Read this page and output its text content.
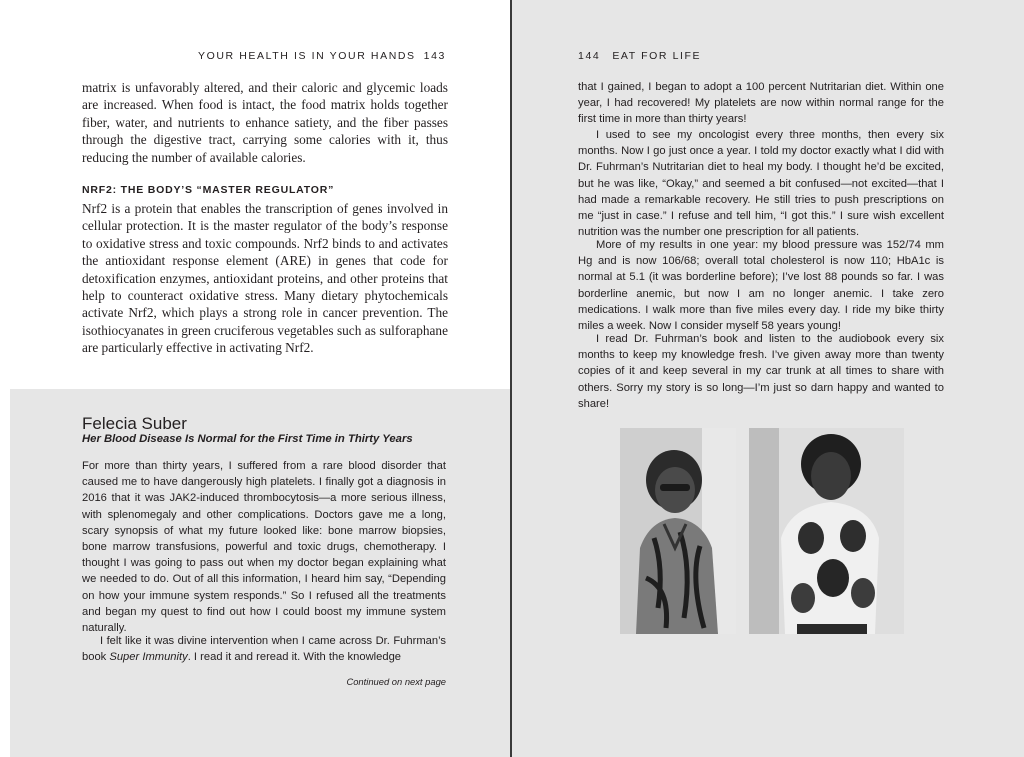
YOUR HEALTH IS IN YOUR HANDS 143

matrix is unfavorably altered, and their caloric and glycemic loads are increased. When food is intact, the food matrix holds together fiber, water, and nutrients to enhance satiety, and the fiber passes through the digestive tract, carrying some calories with it, thus reducing the number of available calories.

NRF2: THE BODY’S “MASTER REGULATOR”

Nrf2 is a protein that enables the transcription of genes involved in cellular protection. It is the master regulator of the body’s response to oxidative stress and toxic compounds. Nrf2 binds to and activates the antioxidant response element (ARE) in genes that code for detoxification enzymes, antioxidant proteins, and other proteins that help to counteract oxidative stress. Many dietary phytochemicals activate Nrf2, which plays a strong role in cancer prevention. The isothiocyanates in green cruciferous vegetables such as sulforaphane are particularly effective in activating Nrf2.

Felecia Suber

Her Blood Disease Is Normal for the First Time in Thirty Years

For more than thirty years, I suffered from a rare blood disorder that caused me to have dangerously high platelets. I finally got a diagnosis in 2016 that it was JAK2-induced thrombocytosis—a more serious illness, with splenomegaly and other complications. Doctors gave me a long, scary synopsis of what my future looked like: bone marrow biopsies, bone marrow transfusions, powerful and toxic drugs, chemotherapy. I thought I was going to pass out when my doctor began explaining what we needed to do. Out of all this information, I heard him say, “Depending on how your immune system responds.” So I refused all the treatments and began my quest to find out how I could boost my immune system naturally.

I felt like it was divine intervention when I came across Dr. Fuhrman’s book Super Immunity. I read it and reread it. With the knowledge

Continued on next page

144 EAT FOR LIFE

that I gained, I began to adopt a 100 percent Nutritarian diet. Within one year, I had recovered! My platelets are now within normal range for the first time in more than thirty years!

I used to see my oncologist every three months, then every six months. Now I go just once a year. I told my doctor exactly what I did with Dr. Fuhrman’s Nutritarian diet to heal my body. I thought he’d be excited, but he was like, “Okay,” and seemed a bit confused—not excited—that I had made a remarkable recovery. He still tries to push prescriptions on me “just in case.” I refuse and tell him, “I got this.” I sure wish excellent nutrition was the number one prescription for all patients.

More of my results in one year: my blood pressure was 152/74 mm Hg and is now 106/68; overall total cholesterol is now 110; HbA1c is normal at 5.1 (it was borderline before); I’ve lost 88 pounds so far. I was borderline anemic, but now I am no longer anemic. I take zero medications. I walk more than five miles every day. I ride my bike thirty miles a week. Now I consider myself 58 years young!

I read Dr. Fuhrman’s book and listen to the audiobook every six months to keep my knowledge fresh. I’ve given away more than twenty copies of it and keep several in my car trunk at all times to share with others. Sorry my story is so long—I’m just so darn happy and wanted to share!
